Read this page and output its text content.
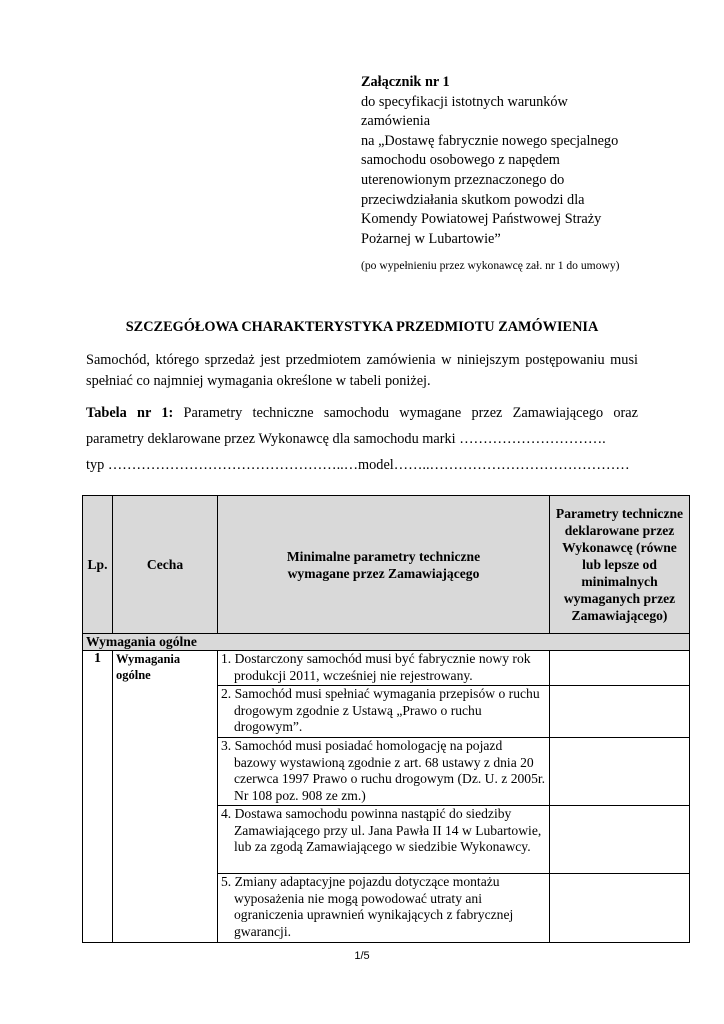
Załącznik nr 1
do specyfikacji istotnych warunków
zamówienia
na „Dostawę fabrycznie nowego specjalnego
samochodu osobowego z napędem
uterenowionym przeznaczonego do
przeciwdziałania skutkom powodzi dla
Komendy Powiatowej Państwowej Straży
Pożarnej w Lubartowie”
(po wypełnieniu przez wykonawcę zał. nr 1 do umowy)
SZCZEGÓŁOWA CHARAKTERYSTYKA PRZEDMIOTU ZAMÓWIENIA
Samochód, którego sprzedaż jest przedmiotem zamówienia w niniejszym postępowaniu musi spełniać co najmniej wymagania określone w tabeli poniżej.
Tabela nr 1: Parametry techniczne samochodu wymagane przez Zamawiającego oraz parametry deklarowane przez Wykonawcę dla samochodu marki ………………………….
typ …………………………………………..…model……..……………………………………
Lp.	Cecha	Minimalne parametry techniczne wymagane przez Zamawiającego	Parametry techniczne deklarowane przez Wykonawcę (równe lub lepsze od minimalnych wymaganych przez Zamawiającego)
Wymagania ogólne			
1	Wymagania ogólne	1. Dostarczony samochód musi być fabrycznie nowy rok produkcji 2011, wcześniej nie rejestrowany.	

		2. Samochód musi spełniać wymagania przepisów o ruchu drogowym zgodnie z Ustawą „Prawo o ruchu drogowym”.	

		3. Samochód musi posiadać homologację na pojazd bazowy wystawioną zgodnie z art. 68 ustawy z dnia 20 czerwca 1997 Prawo o ruchu drogowym (Dz. U. z 2005r. Nr 108 poz. 908 ze zm.)	

		4. Dostawa samochodu powinna nastąpić do siedziby Zamawiającego przy ul. Jana Pawła II 14 w Lubartowie, lub za zgodą Zamawiającego w siedzibie Wykonawcy.	

		5. Zmiany adaptacyjne pojazdu dotyczące montażu wyposażenia nie mogą powodować utraty ani ograniczenia uprawnień wynikających z fabrycznej gwarancji.	

1/5
